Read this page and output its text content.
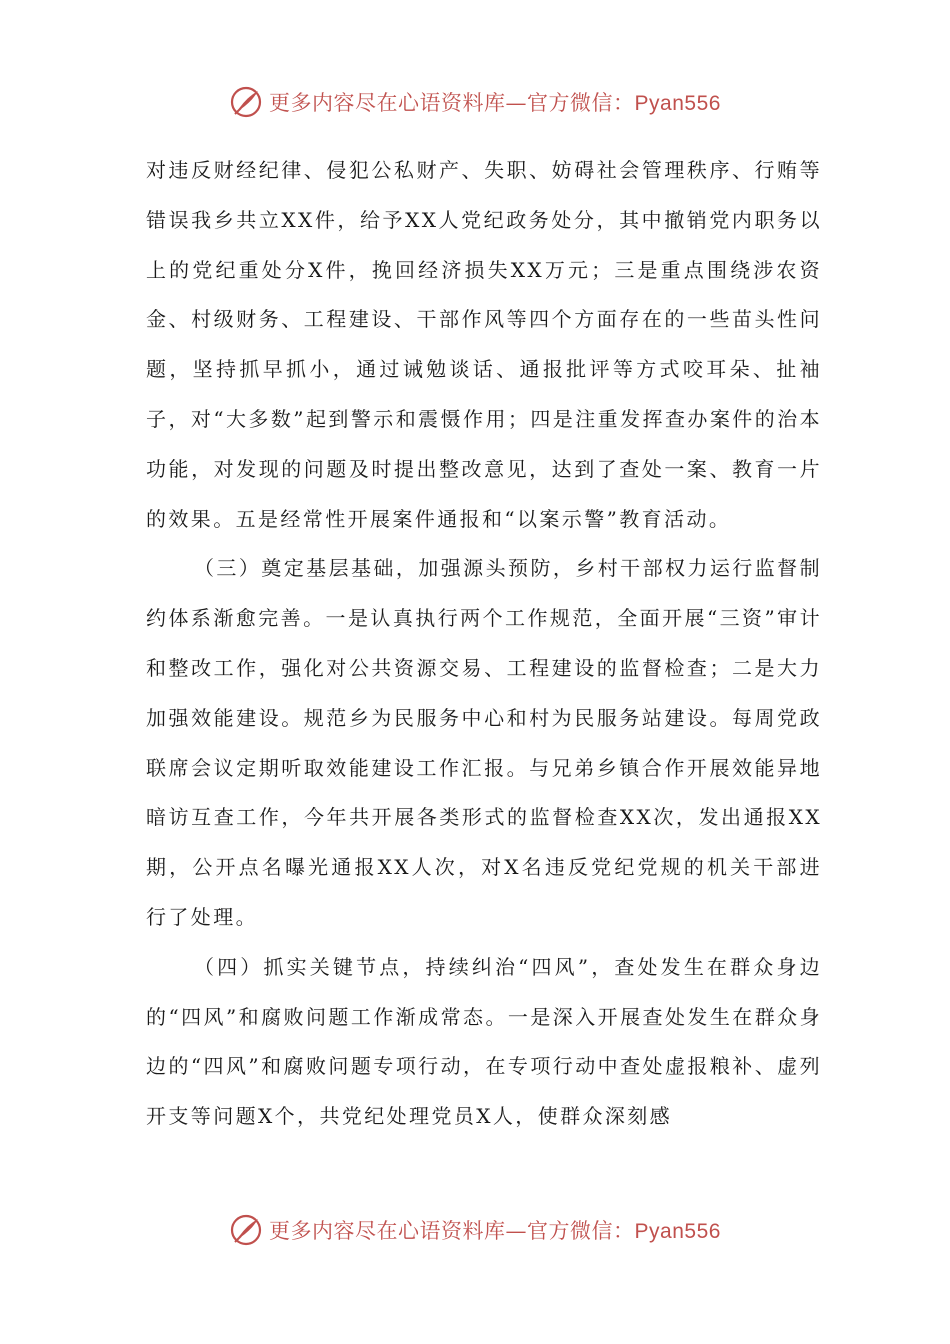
更多内容尽在心语资料库—官方微信：Pyan556

对违反财经纪律、侵犯公私财产、失职、妨碍社会管理秩序、行贿等错误我乡共立XX件，给予XX人党纪政务处分，其中撤销党内职务以上的党纪重处分X件，挽回经济损失XX万元；三是重点围绕涉农资金、村级财务、工程建设、干部作风等四个方面存在的一些苗头性问题，坚持抓早抓小，通过诫勉谈话、通报批评等方式咬耳朵、扯袖子，对“大多数”起到警示和震慑作用；四是注重发挥查办案件的治本功能，对发现的问题及时提出整改意见，达到了查处一案、教育一片的效果。五是经常性开展案件通报和“以案示警”教育活动。

（三）奠定基层基础，加强源头预防，乡村干部权力运行监督制约体系渐愈完善。一是认真执行两个工作规范，全面开展“三资”审计和整改工作，强化对公共资源交易、工程建设的监督检查；二是大力加强效能建设。规范乡为民服务中心和村为民服务站建设。每周党政联席会议定期听取效能建设工作汇报。与兄弟乡镇合作开展效能异地暗访互查工作，今年共开展各类形式的监督检查XX次，发出通报XX期，公开点名曝光通报XX人次，对X名违反党纪党规的机关干部进行了处理。

（四）抓实关键节点，持续纠治“四风”，查处发生在群众身边的“四风”和腐败问题工作渐成常态。一是深入开展查处发生在群众身边的“四风”和腐败问题专项行动，在专项行动中查处虚报粮补、虚列开支等问题X个，共党纪处理党员X人，使群众深刻感

更多内容尽在心语资料库—官方微信：Pyan556
